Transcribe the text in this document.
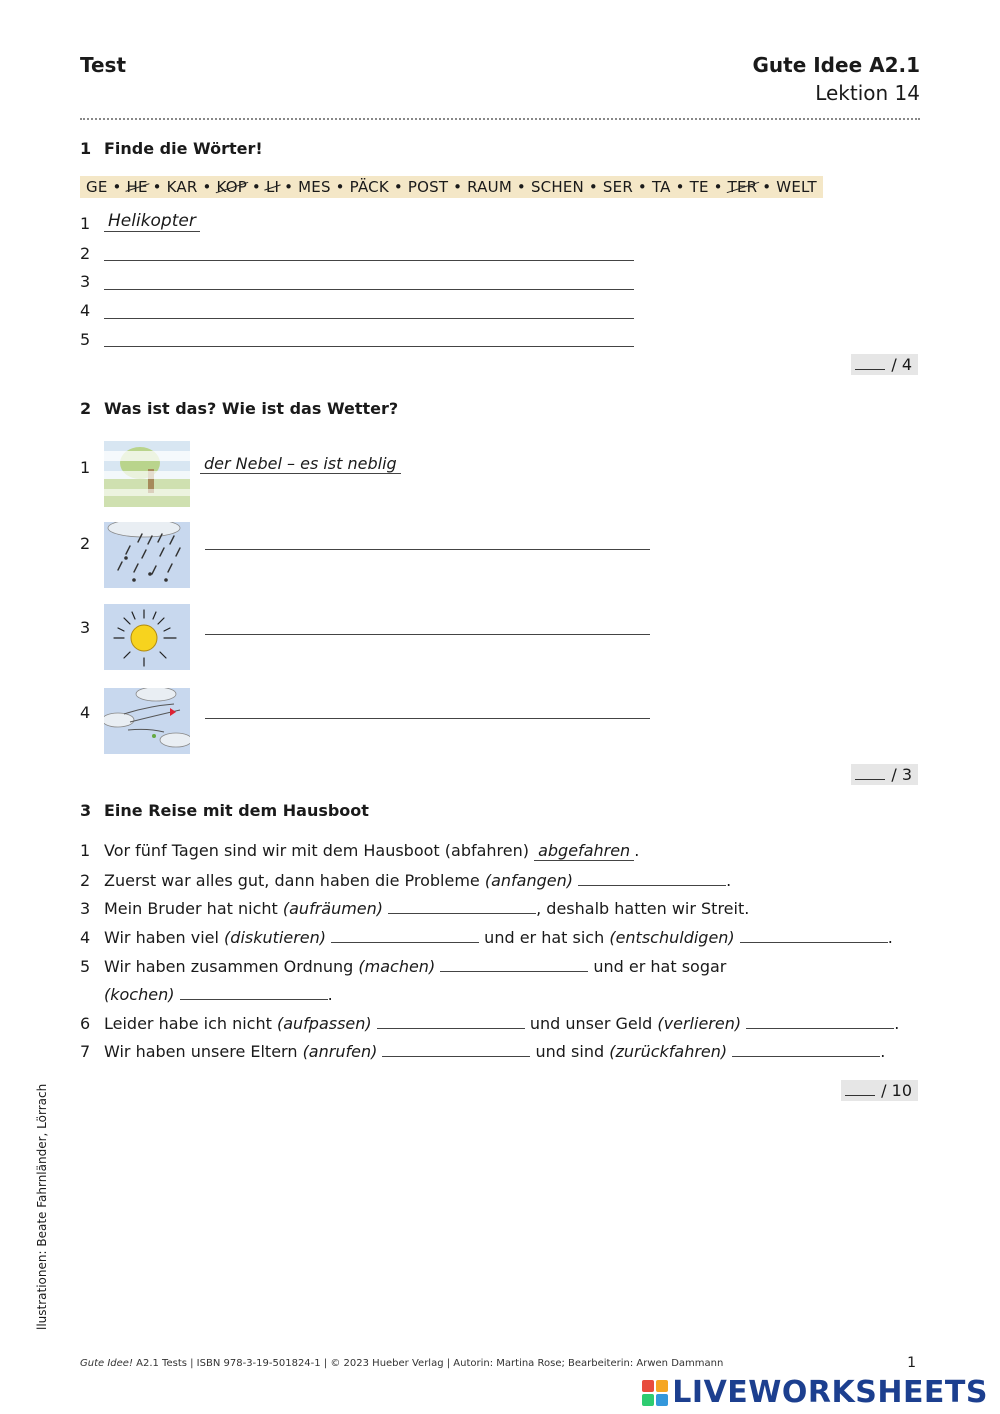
Test	Gute Idee A2.1
Lektion 14
1 Finde die Wörter!
GE • HE • KAR • KOP • LI • MES • PÄCK • POST • RAUM • SCHEN • SER • TA • TE • TER • WELT
1 Helikopter
2
3
4
5
/ 4
2 Was ist das? Wie ist das Wetter?
1	der Nebel – es ist neblig
2
3
4
/ 3
3 Eine Reise mit dem Hausboot
1 Vor fünf Tagen sind wir mit dem Hausboot (abfahren) abgefahren .
2 Zuerst war alles gut, dann haben die Probleme (anfangen)	.
3 Mein Bruder hat nicht (aufräumen)	, deshalb hatten wir Streit.
4 Wir haben viel (diskutieren)	und er hat sich (entschuldigen)	.
5 Wir haben zusammen Ordnung (machen)	und er hat sogar
(kochen)	.
6 Leider habe ich nicht (aufpassen)	und unser Geld (verlieren)	.
7 Wir haben unsere Eltern (anrufen)	und sind (zurückfahren)	.
/ 10
llustrationen: Beate Fahrnländer, Lörrach
Gute Idee! A2.1 Tests | ISBN 978-3-19-501824-1 | © 2023 Hueber Verlag | Autorin: Martina Rose; Bearbeiterin: Arwen Dammann	1
LIVEWORKSHEETS
